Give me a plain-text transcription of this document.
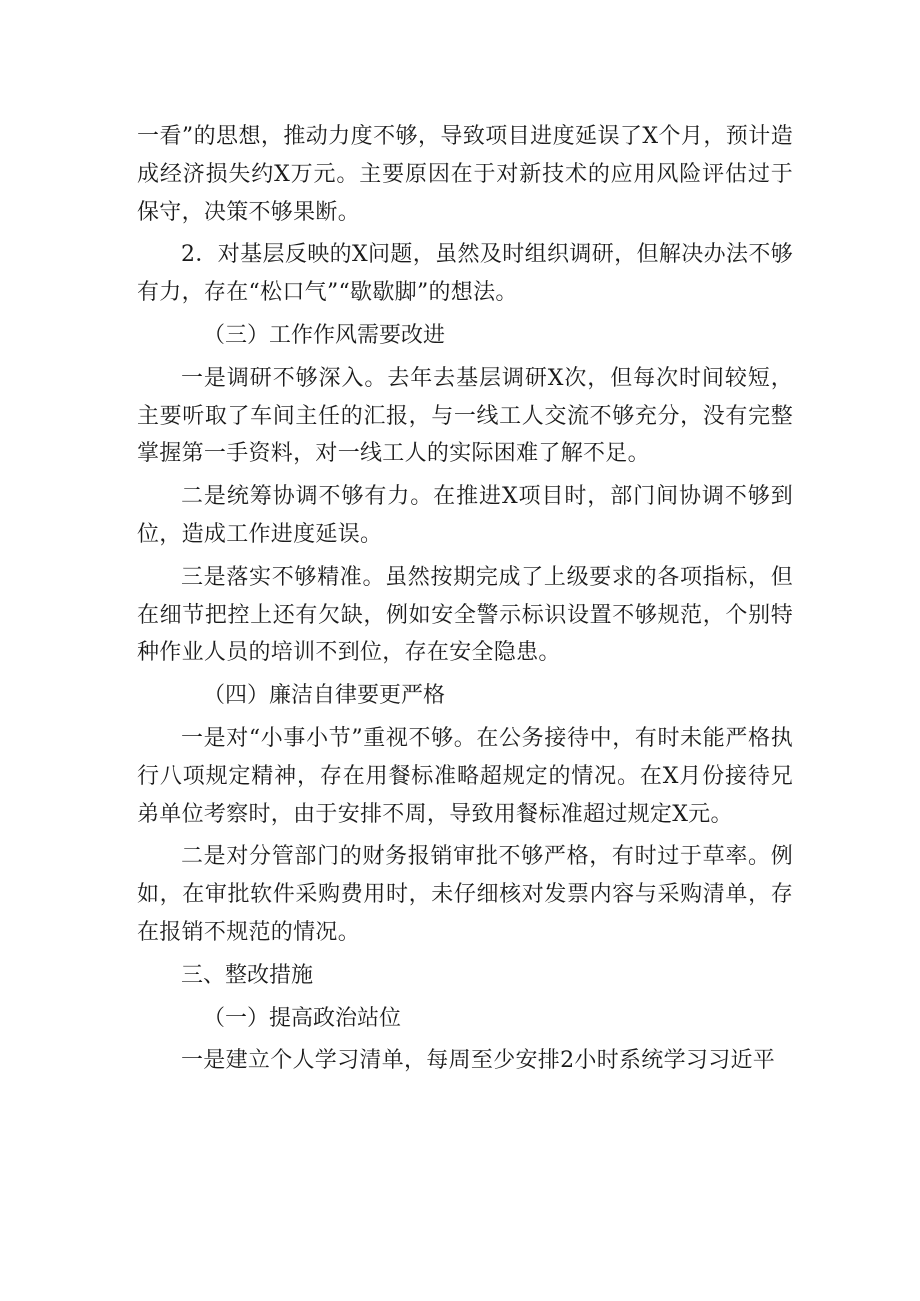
一看”的思想，推动力度不够，导致项目进度延误了X个月，预计造成经济损失约X万元。主要原因在于对新技术的应用风险评估过于保守，决策不够果断。

2．对基层反映的X问题，虽然及时组织调研，但解决办法不够有力，存在“松口气”“歇歇脚”的想法。

（三）工作作风需要改进

一是调研不够深入。去年去基层调研X次，但每次时间较短，主要听取了车间主任的汇报，与一线工人交流不够充分，没有完整掌握第一手资料，对一线工人的实际困难了解不足。

二是统筹协调不够有力。在推进X项目时，部门间协调不够到位，造成工作进度延误。

三是落实不够精准。虽然按期完成了上级要求的各项指标，但在细节把控上还有欠缺，例如安全警示标识设置不够规范，个别特种作业人员的培训不到位，存在安全隐患。

（四）廉洁自律要更严格

一是对“小事小节”重视不够。在公务接待中，有时未能严格执行八项规定精神，存在用餐标准略超规定的情况。在X月份接待兄弟单位考察时，由于安排不周，导致用餐标准超过规定X元。

二是对分管部门的财务报销审批不够严格，有时过于草率。例如，在审批软件采购费用时，未仔细核对发票内容与采购清单，存在报销不规范的情况。

三、整改措施

（一）提高政治站位

一是建立个人学习清单，每周至少安排2小时系统学习习近平
